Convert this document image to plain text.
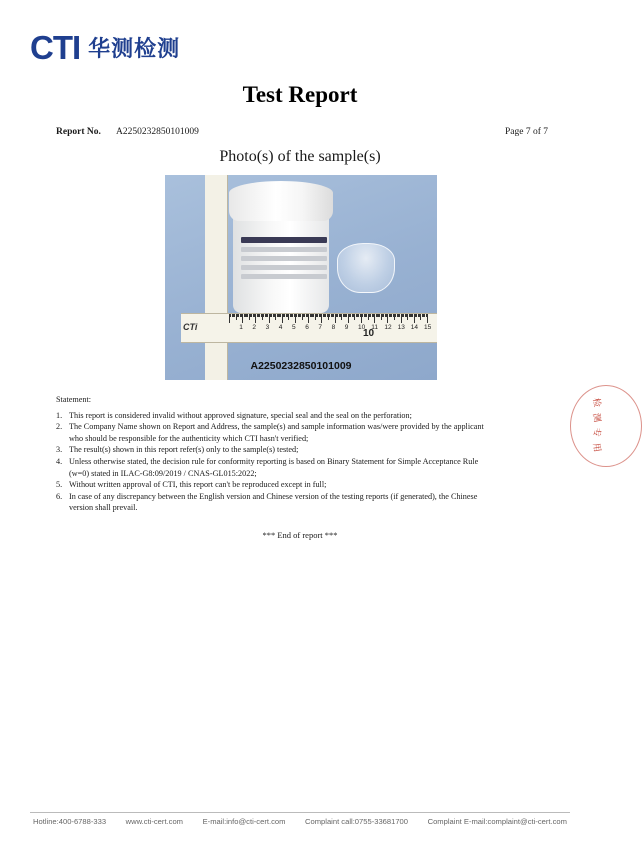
CTI 华测检测
Test Report
Report No. A2250232850101009	Page 7 of 7
Photo(s) of the sample(s)
CTi
10
1 2 3 4 5 6 7 8 9 10 11 12 13 14 15
A2250232850101009
Statement:
1. This report is considered invalid without approved signature, special seal and the seal on the perforation;
2. The Company Name shown on Report and Address, the sample(s) and sample information was/were provided by the applicant who should be responsible for the authenticity which CTI hasn't verified;
3. The result(s) shown in this report refer(s) only to the sample(s) tested;
4. Unless otherwise stated, the decision rule for conformity reporting is based on Binary Statement for Simple Acceptance Rule (w=0) stated in ILAC-G8:09/2019 / CNAS-GL015:2022;
5. Without written approval of CTI, this report can't be reproduced except in full;
6. In case of any discrepancy between the English version and Chinese version of the testing reports (if generated), the Chinese version shall prevail.
*** End of report ***
检
测
专
用
Hotline:400-6788-333	www.cti-cert.com	E-mail:info@cti-cert.com	Complaint call:0755-33681700	Complaint E-mail:complaint@cti-cert.com
